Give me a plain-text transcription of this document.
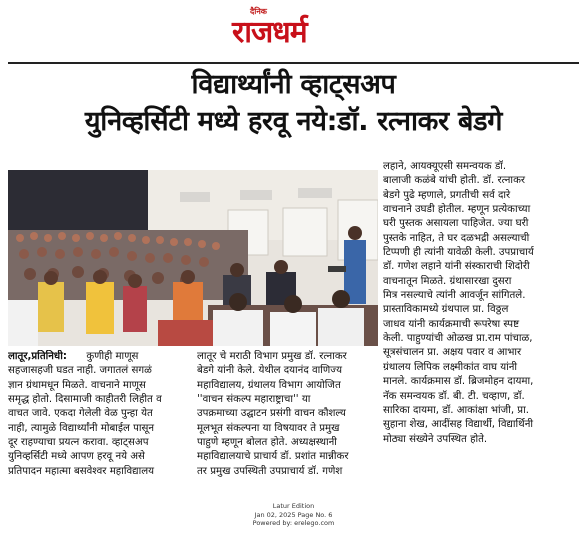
दैनिक
राजधर्म
विद्यार्थ्यांनी व्हाट्सअप
युनिव्हर्सिटी मध्ये हरवू नये:डॉ. रत्नाकर बेडगे
लहाने, आयक्यूएसी समन्वयक डॉ.
बालाजी कळंबे यांची होती. डॉ. रत्नाकर
बेडगे पुढे म्हणाले, प्रगतीची सर्व दारे
वाचनाने उघडी होतील. म्हणून प्रत्येकाच्या
घरी पुस्तक असायला पाहिजेत. ज्या घरी
पुस्तके नाहित, ते घर दळभद्री असल्याची
टिप्पणी ही त्यांनी यावेळी केली. उपप्राचार्य
डॉ. गणेश लहाने यांनी संस्काराची शिदोरी
वाचनातून मिळते. ग्रंथासारखा दुसरा
मित्र नसल्याचे त्यांनी आवर्जून सांगितले.
प्रास्ताविकामध्ये ग्रंथपाल प्रा. विठ्ठल
जाधव यांनी कार्यक्रमाची रूपरेषा स्पष्ट
केली. पाहुण्यांची ओळख प्रा.राम पांचाळ,
सूत्रसंचालन प्रा. अक्षय पवार व आभार
ग्रंथालय लिपिक लक्ष्मीकांत वाघ यांनी
मानले. कार्यक्रमास डॉ. ब्रिजमोहन दायमा,
नॅक समन्वयक डॉ. बी. टी. चव्हाण, डॉ.
सारिका दायमा, डॉ. आकांक्षा भांजी, प्रा.
सुहाना शेख, आदींसह विद्यार्थी, विद्यार्थिनी
मोठ्या संख्येने उपस्थित होते.
लातूर,प्रतिनिधी: कुणीही माणूस
सहजासहजी घडत नाही. जगातलं सगळं
ज्ञान ग्रंथामधून मिळते. वाचनाने माणूस
समृद्ध होतो. दिसामाजी काहीतरी लिहीत व
वाचत जावे. एकदा गेलेली वेळ पुन्हा येत
नाही, त्यामुळे विद्यार्थ्यांनी मोबाईल पासून
दूर राहण्याचा प्रयत्न करावा. व्हाट्सअप
युनिव्हर्सिटी मध्ये आपण हरवू नये असे
प्रतिपादन महात्मा बसवेश्वर महाविद्यालय
लातूर चे मराठी विभाग प्रमुख डॉ. रत्नाकर
बेडगे यांनी केले. येथील दयानंद वाणिज्य
महाविद्यालय, ग्रंथालय विभाग आयोजित
''वाचन संकल्प महाराष्ट्राचा'' या
उपक्रमाच्या उद्घाटन प्रसंगी वाचन कौशल्य
मूलभूत संकल्पना या विषयावर ते प्रमुख
पाहुणे म्हणून बोलत होते. अध्यक्षस्थानी
महाविद्यालयाचे प्राचार्य डॉ. प्रशांत मान्नीकर
तर प्रमुख उपस्थिती उपप्राचार्य डॉ. गणेश
Latur Edition
Jan 02, 2025 Page No. 6
Powered by: erelego.com
